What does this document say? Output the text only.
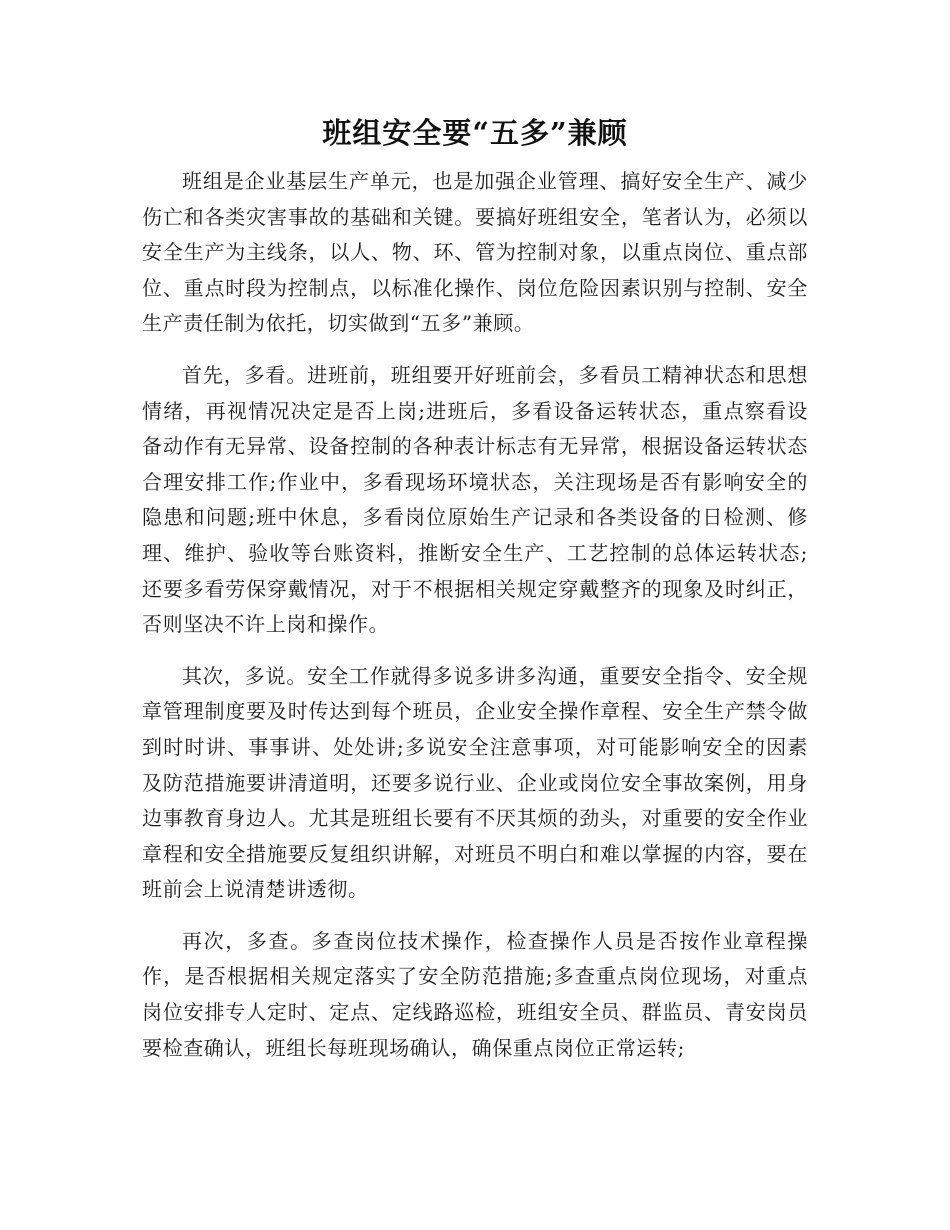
班组安全要“五多”兼顾

班组是企业基层生产单元，也是加强企业管理、搞好安全生产、减少伤亡和各类灾害事故的基础和关键。要搞好班组安全，笔者认为，必须以安全生产为主线条，以人、物、环、管为控制对象，以重点岗位、重点部位、重点时段为控制点，以标准化操作、岗位危险因素识别与控制、安全生产责任制为依托，切实做到“五多”兼顾。

首先，多看。进班前，班组要开好班前会，多看员工精神状态和思想情绪，再视情况决定是否上岗;进班后，多看设备运转状态，重点察看设备动作有无异常、设备控制的各种表计标志有无异常，根据设备运转状态合理安排工作;作业中，多看现场环境状态，关注现场是否有影响安全的隐患和问题;班中休息，多看岗位原始生产记录和各类设备的日检测、修理、维护、验收等台账资料，推断安全生产、工艺控制的总体运转状态;还要多看劳保穿戴情况，对于不根据相关规定穿戴整齐的现象及时纠正，否则坚决不许上岗和操作。

其次，多说。安全工作就得多说多讲多沟通，重要安全指令、安全规章管理制度要及时传达到每个班员，企业安全操作章程、安全生产禁令做到时时讲、事事讲、处处讲;多说安全注意事项，对可能影响安全的因素及防范措施要讲清道明，还要多说行业、企业或岗位安全事故案例，用身边事教育身边人。尤其是班组长要有不厌其烦的劲头，对重要的安全作业章程和安全措施要反复组织讲解，对班员不明白和难以掌握的内容，要在班前会上说清楚讲透彻。

再次，多查。多查岗位技术操作，检查操作人员是否按作业章程操作，是否根据相关规定落实了安全防范措施;多查重点岗位现场，对重点岗位安排专人定时、定点、定线路巡检，班组安全员、群监员、青安岗员要检查确认，班组长每班现场确认，确保重点岗位正常运转;
